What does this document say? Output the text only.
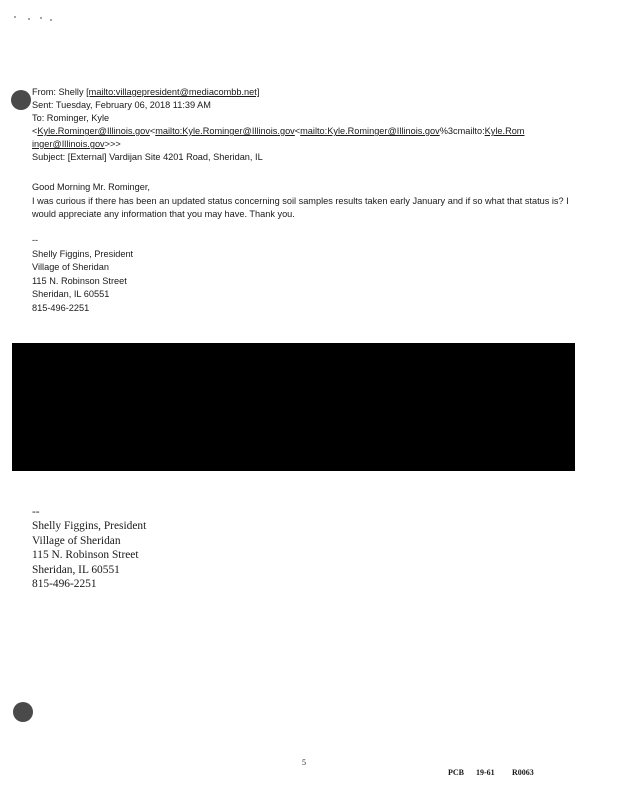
From: Shelly [mailto:villagepresident@mediacombb.net]
Sent: Tuesday, February 06, 2018 11:39 AM
To: Rominger, Kyle
<Kyle.Rominger@Illinois.gov<mailto:Kyle.Rominger@Illinois.gov<mailto:Kyle.Rominger@Illinois.gov%3cmailto:Kyle.Rom
inger@Illinois.gov>>>
Subject: [External] Vardijan Site 4201 Road, Sheridan, IL

Good Morning Mr. Rominger,

I was curious if there has been an updated status concerning soil samples results taken early January and if so what that status is? I would appreciate any information that you may have. Thank you.

--
Shelly Figgins, President
Village of Sheridan
115 N. Robinson Street
Sheridan, IL 60551
815-496-2251
--
Shelly Figgins, President
Village of Sheridan
115 N. Robinson Street
Sheridan, IL 60551
815-496-2251
5
PCB 19-61 R0063
